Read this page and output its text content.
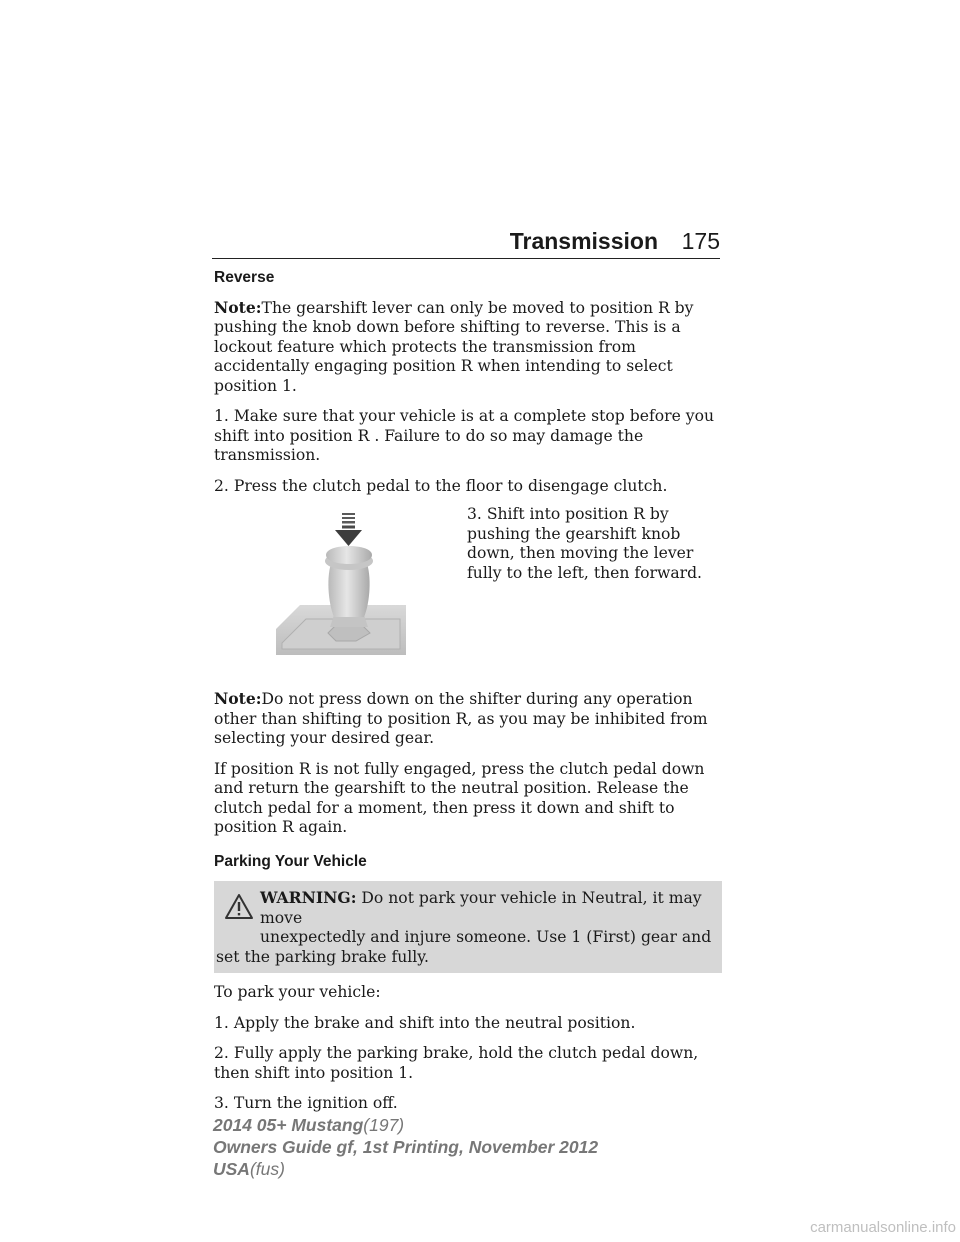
Transmission 175
Reverse

Note:The gearshift lever can only be moved to position R by pushing the knob down before shifting to reverse. This is a lockout feature which protects the transmission from accidentally engaging position R when intending to select position 1.

1. Make sure that your vehicle is at a complete stop before you shift into position R . Failure to do so may damage the transmission.

2. Press the clutch pedal to the floor to disengage clutch.

3. Shift into position R by pushing the gearshift knob down, then moving the lever fully to the left, then forward.

Note:Do not press down on the shifter during any operation other than shifting to position R, as you may be inhibited from selecting your desired gear.

If position R is not fully engaged, press the clutch pedal down and return the gearshift to the neutral position. Release the clutch pedal for a moment, then press it down and shift to position R again.

Parking Your Vehicle
WARNING: Do not park your vehicle in Neutral, it may move
unexpectedly and injure someone. Use 1 (First) gear and set the parking brake fully.

To park your vehicle:

1. Apply the brake and shift into the neutral position.

2. Fully apply the parking brake, hold the clutch pedal down, then shift into position 1.

3. Turn the ignition off.

2014 05+ Mustang(197)
Owners Guide gf, 1st Printing, November 2012
USA(fus)
carmanualsonline.info
